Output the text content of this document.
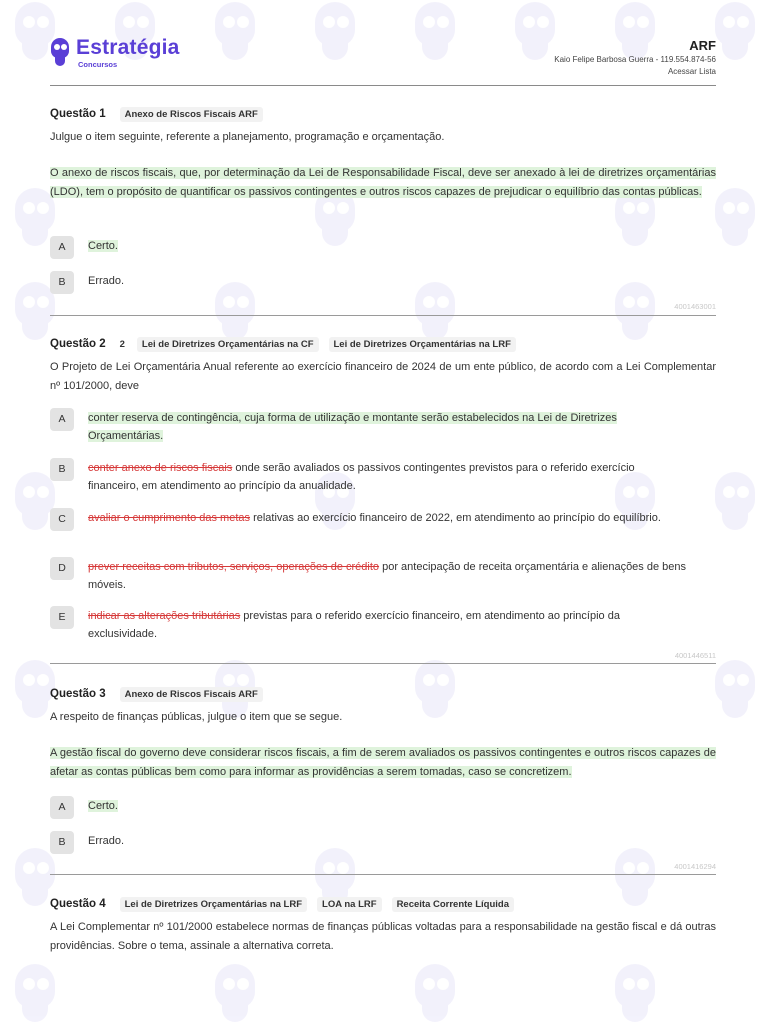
Estratégia
Concursos
ARF
Kaio Felipe Barbosa Guerra - 119.554.874-56
Acessar Lista
Questão 1	Anexo de Riscos Fiscais ARF
Julgue o item seguinte, referente a planejamento, programação e orçamentação.
O anexo de riscos fiscais, que, por determinação da Lei de Responsabilidade Fiscal, deve ser anexado à lei de diretrizes orçamentárias (LDO), tem o propósito de quantificar os passivos contingentes e outros riscos capazes de prejudicar o equilíbrio das contas públicas.
A	Certo.
B	Errado.
4001463001
Questão 2 2	Lei de Diretrizes Orçamentárias na CF	Lei de Diretrizes Orçamentárias na LRF
O Projeto de Lei Orçamentária Anual referente ao exercício financeiro de 2024 de um ente público, de acordo com a Lei Complementar nº 101/2000, deve
A	conter reserva de contingência, cuja forma de utilização e montante serão estabelecidos na Lei de Diretrizes Orçamentárias.
B	conter anexo de riscos fiscais onde serão avaliados os passivos contingentes previstos para o referido exercício financeiro, em atendimento ao princípio da anualidade.
C	avaliar o cumprimento das metas relativas ao exercício financeiro de 2022, em atendimento ao princípio do equilíbrio.
D	prever receitas com tributos, serviços, operações de crédito por antecipação de receita orçamentária e alienações de bens móveis.
E	indicar as alterações tributárias previstas para o referido exercício financeiro, em atendimento ao princípio da exclusividade.
4001446511
Questão 3	Anexo de Riscos Fiscais ARF
A respeito de finanças públicas, julgue o item que se segue.
A gestão fiscal do governo deve considerar riscos fiscais, a fim de serem avaliados os passivos contingentes e outros riscos capazes de afetar as contas públicas bem como para informar as providências a serem tomadas, caso se concretizem.
A	Certo.
B	Errado.
4001416294
Questão 4	Lei de Diretrizes Orçamentárias na LRF	LOA na LRF	Receita Corrente Líquida
A Lei Complementar nº 101/2000 estabelece normas de finanças públicas voltadas para a responsabilidade na gestão fiscal e dá outras providências. Sobre o tema, assinale a alternativa correta.
